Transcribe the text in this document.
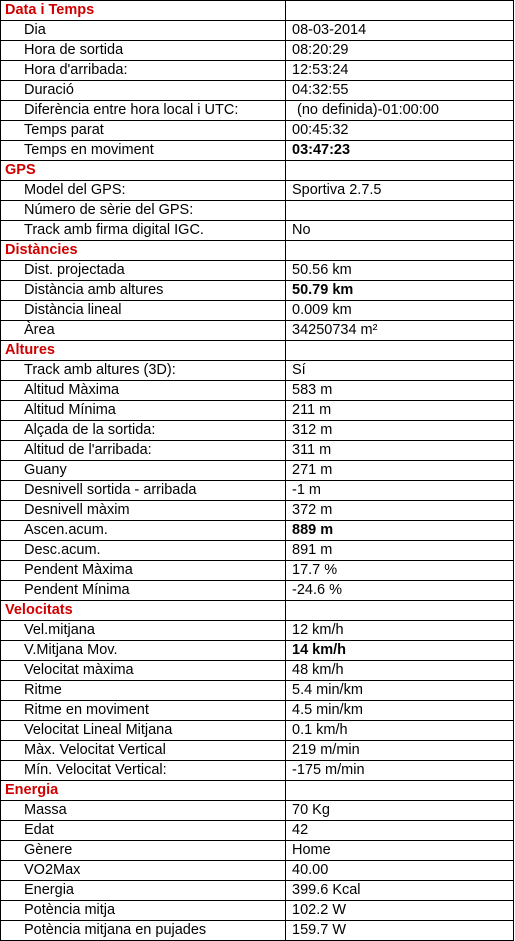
Data i Temps	
Dia	08-03-2014
Hora de sortida	08:20:29
Hora d'arribada:	12:53:24
Duració	04:32:55
Diferència entre hora local i UTC:	(no definida)-01:00:00
Temps parat	00:45:32
Temps en moviment	03:47:23
GPS	
Model del GPS:	Sportiva 2.7.5
Número de sèrie del GPS:	
Track amb firma digital IGC.	No
Distàncies	
Dist. projectada	50.56 km
Distància amb altures	50.79 km
Distància lineal	0.009 km
Àrea	34250734 m²
Altures	
Track amb altures (3D):	Sí
Altitud Màxima	583 m
Altitud Mínima	211 m
Alçada de la sortida:	312 m
Altitud de l'arribada:	311 m
Guany	271 m
Desnivell sortida - arribada	-1 m
Desnivell màxim	372 m
Ascen.acum.	889 m
Desc.acum.	891 m
Pendent Màxima	17.7 %
Pendent Mínima	-24.6 %
Velocitats	
Vel.mitjana	12 km/h
V.Mitjana Mov.	14 km/h
Velocitat màxima	48 km/h
Ritme	5.4 min/km
Ritme en moviment	4.5 min/km
Velocitat Lineal Mitjana	0.1 km/h
Màx. Velocitat Vertical	219 m/min
Mín. Velocitat Vertical:	-175 m/min
Energia	
Massa	70 Kg
Edat	42
Gènere	Home
VO2Max	40.00
Energia	399.6 Kcal
Potència mitja	102.2 W
Potència mitjana en pujades	159.7 W
